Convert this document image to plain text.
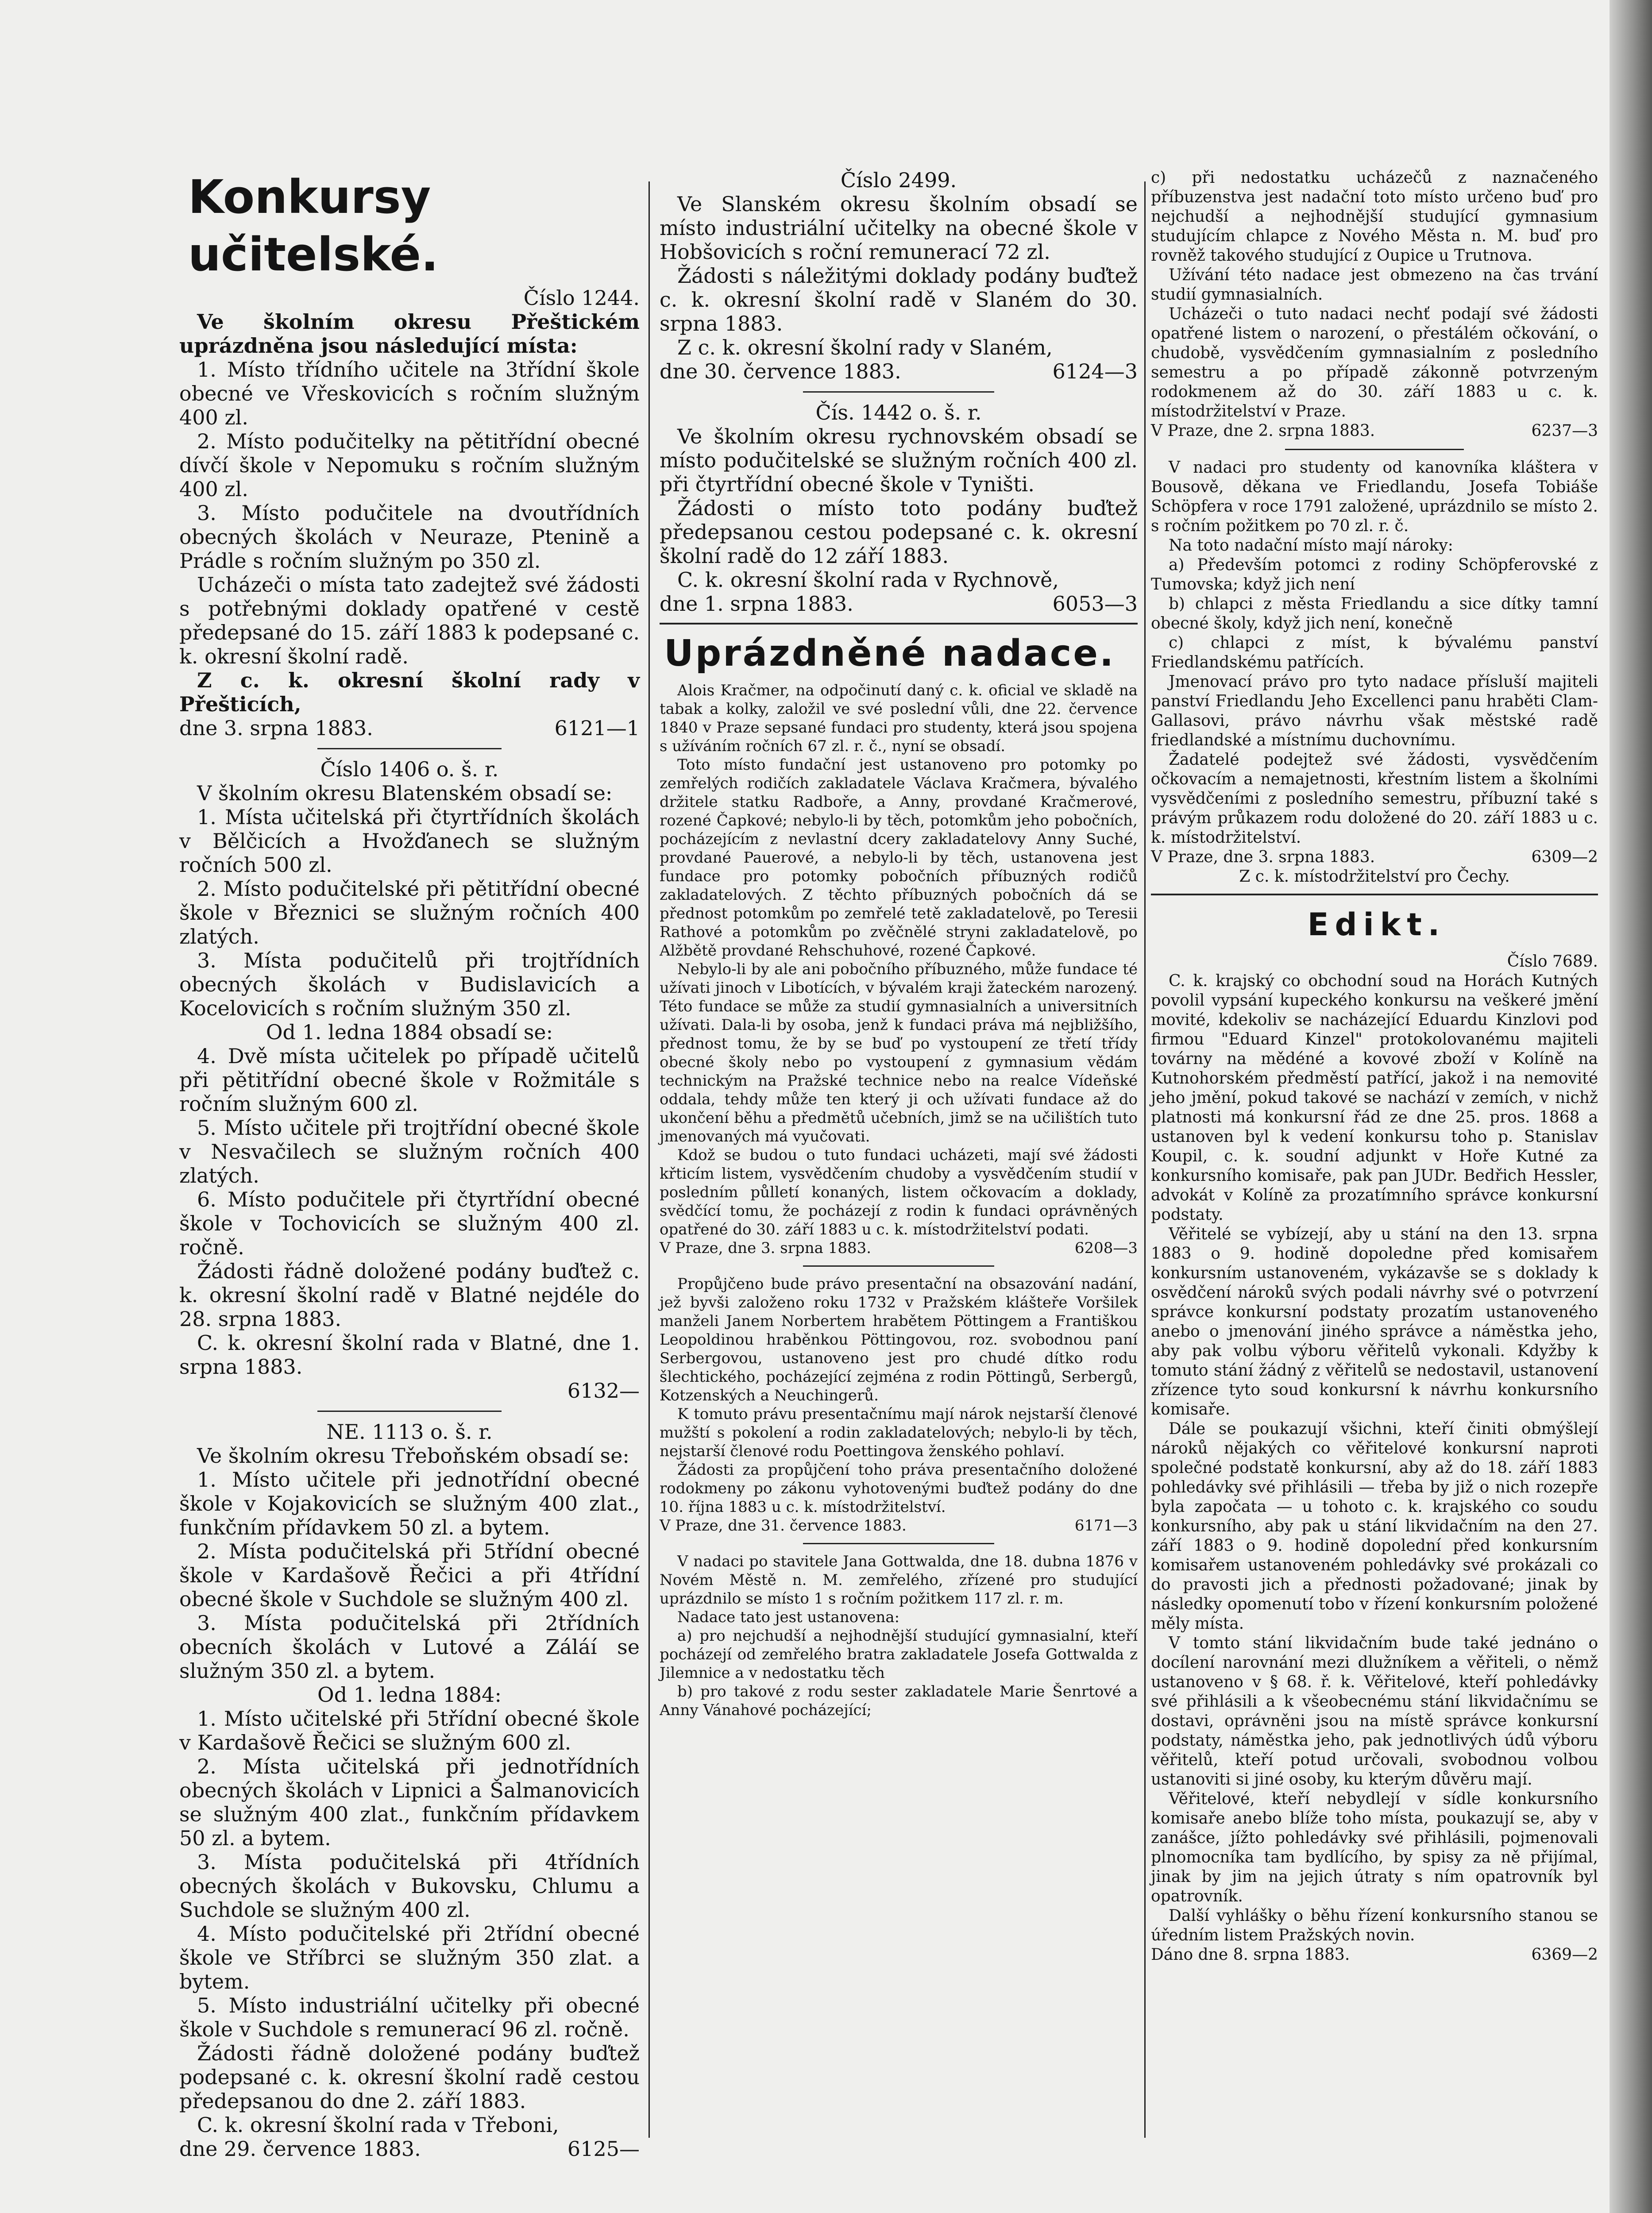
Konkursy učitelské.

Číslo 1244.

Ve školním okresu Přeštickém uprázdněna jsou následující místa:

1. Místo třídního učitele na 3třídní škole obecné ve Vřeskovicích s ročním služným 400 zl.

2. Místo podučitelky na pětitřídní obecné dívčí škole v Nepomuku s ročním služným 400 zl.

3. Místo podučitele na dvoutřídních obecných školách v Neuraze, Ptenině a Prádle s ročním služným po 350 zl.

Ucházeči o místa tato zadejtež své žádosti s potřebnými doklady opatřené v cestě předepsané do 15. září 1883 k podepsané c. k. okresní školní radě.

Z c. k. okresní školní rady v Přešticích,

dne 3. srpna 1883.	6121—1

Číslo 1406 o. š. r.

V školním okresu Blatenském obsadí se:

1. Místa učitelská při čtyrtřídních školách v Bělčicích a Hvožďanech se služným ročních 500 zl.

2. Místo podučitelské při pětitřídní obecné škole v Březnici se služným ročních 400 zlatých.

3. Místa podučitelů při trojtřídních obecných školách v Budislavicích a Kocelovicích s ročním služným 350 zl.

Od 1. ledna 1884 obsadí se:

4. Dvě místa učitelek po případě učitelů při pětitřídní obecné škole v Rožmitále s ročním služným 600 zl.

5. Místo učitele při trojtřídní obecné škole v Nesvačilech se služným ročních 400 zlatých.

6. Místo podučitele při čtyrtřídní obecné škole v Tochovicích se služným 400 zl. ročně.

Žádosti řádně doložené podány buďtež c. k. okresní školní radě v Blatné nejdéle do 28. srpna 1883.

C. k. okresní školní rada v Blatné, dne 1. srpna 1883.

6132—

NE. 1113 o. š. r.

Ve školním okresu Třeboňském obsadí se:

1. Místo učitele při jednotřídní obecné škole v Kojakovicích se služným 400 zlat., funkčním přídavkem 50 zl. a bytem.

2. Místa podučitelská při 5třídní obecné škole v Kardašově Řečici a při 4třídní obecné škole v Suchdole se služným 400 zl.

3. Místa podučitelská při 2třídních obecních školách v Lutové a Záláí se služným 350 zl. a bytem.

Od 1. ledna 1884:

1. Místo učitelské při 5třídní obecné škole v Kardašově Řečici se služným 600 zl.

2. Místa učitelská při jednotřídních obecných školách v Lipnici a Šalmanovicích se služným 400 zlat., funkčním přídavkem 50 zl. a bytem.

3. Místa podučitelská při 4třídních obecných školách v Bukovsku, Chlumu a Suchdole se služným 400 zl.

4. Místo podučitelské při 2třídní obecné škole ve Stříbrci se služným 350 zlat. a bytem.

5. Místo industriální učitelky při obecné škole v Suchdole s remunerací 96 zl. ročně.

Žádosti řádně doložené podány buďtež podepsané c. k. okresní školní radě cestou předepsanou do dne 2. září 1883.

C. k. okresní školní rada v Třeboni,

dne 29. července 1883.	6125—

Číslo 2499.

Ve Slanském okresu školním obsadí se místo industriální učitelky na obecné škole v Hobšovicích s roční remunerací 72 zl.

Žádosti s náležitými doklady podány buďtež c. k. okresní školní radě v Slaném do 30. srpna 1883.

Z c. k. okresní školní rady v Slaném,

dne 30. července 1883.	6124—3

Čís. 1442 o. š. r.

Ve školním okresu rychnovském obsadí se místo podučitelské se služným ročních 400 zl. při čtyrtřídní obecné škole v Tyništi.

Žádosti o místo toto podány buďtež předepsanou cestou podepsané c. k. okresní školní radě do 12 září 1883.

C. k. okresní školní rada v Rychnově,

dne 1. srpna 1883.	6053—3
Uprázdněné nadace.

Alois Kračmer, na odpočinutí daný c. k. oficial ve skladě na tabak a kolky, založil ve své poslední vůli, dne 22. července 1840 v Praze sepsané fundaci pro studenty, která jsou spojena s užíváním ročních 67 zl. r. č., nyní se obsadí.

Toto místo fundační jest ustanoveno pro potomky po zemřelých rodičích zakladatele Václava Kračmera, bývalého držitele statku Radboře, a Anny, provdané Kračmerové, rozené Čapkové; nebylo-li by těch, potomkům jeho pobočních, pocházejícím z nevlastní dcery zakladatelovy Anny Suché, provdané Pauerové, a nebylo-li by těch, ustanovena jest fundace pro potomky pobočních příbuzných rodičů zakladatelových. Z těchto příbuzných pobočních dá se přednost potomkům po zemřelé tetě zakladatelově, po Teresii Rathové a potomkům po zvěčnělé stryni zakladatelově, po Alžbětě provdané Rehschuhové, rozené Čapkové.

Nebylo-li by ale ani pobočního příbuzného, může fundace té užívati jinoch v Libotících, v bývalém kraji žateckém narozený. Této fundace se může za studií gymnasialních a universitních užívati. Dala-li by osoba, jenž k fundaci práva má nejbližšího, přednost tomu, že by se buď po vystoupení ze třetí třídy obecné školy nebo po vystoupení z gymnasium vědám technickým na Pražské technice nebo na realce Vídeňské oddala, tehdy může ten který ji och užívati fundace až do ukončení běhu a předmětů učebních, jimž se na učilištích tuto jmenovaných má vyučovati.

Kdož se budou o tuto fundaci ucházeti, mají své žádosti křticím listem, vysvědčením chudoby a vysvědčením studií v posledním půlletí konaných, listem očkovacím a doklady, svědčící tomu, že pocházejí z rodin k fundaci oprávněných opatřené do 30. září 1883 u c. k. místodržitelství podati.

V Praze, dne 3. srpna 1883.	6208—3

Propůjčeno bude právo presentační na obsazování nadání, jež byvši založeno roku 1732 v Pražském klášteře Voršilek manželi Janem Norbertem hrabětem Pöttingem a Františkou Leopoldinou hraběnkou Pöttingovou, roz. svobodnou paní Serbergovou, ustanoveno jest pro chudé dítko rodu šlechtického, pocházející zejména z rodin Pöttingů, Serbergů, Kotzenských a Neuchingerů.

K tomuto právu presentačnímu mají nárok nejstarší členové mužští s pokolení a rodin zakladatelových; nebylo-li by těch, nejstarší členové rodu Poettingova ženského pohlaví.

Žádosti za propůjčení toho práva presentačního doložené rodokmeny po zákonu vyhotovenými buďtež podány do dne 10. října 1883 u c. k. místodržitelství.

V Praze, dne 31. července 1883.	6171—3

V nadaci po stavitele Jana Gottwalda, dne 18. dubna 1876 v Novém Městě n. M. zemřelého, zřízené pro studující uprázdnilo se místo 1 s ročním požitkem 117 zl. r. m.

Nadace tato jest ustanovena:

a) pro nejchudší a nejhodnější studující gymnasialní, kteří pocházejí od zemřelého bratra zakladatele Josefa Gottwalda z Jilemnice a v nedostatku těch

b) pro takové z rodu sester zakladatele Marie Šenrtové a Anny Vánahové pocházející;

c) při nedostatku ucházečů z naznačeného příbuzenstva jest nadační toto místo určeno buď pro nejchudší a nejhodnější studující gymnasium studujícím chlapce z Nového Města n. M. buď pro rovněž takového studující z Oupice u Trutnova.

Užívání této nadace jest obmezeno na čas trvání studií gymnasialních.

Ucházeči o tuto nadaci nechť podají své žádosti opatřené listem o narození, o přestálém očkování, o chudobě, vysvědčením gymnasialním z posledního semestru a po případě zákonně potvrzeným rodokmenem až do 30. září 1883 u c. k. místodržitelství v Praze.

V Praze, dne 2. srpna 1883.	6237—3

V nadaci pro studenty od kanovníka kláštera v Bousově, děkana ve Friedlandu, Josefa Tobiáše Schöpfera v roce 1791 založené, uprázdnilo se místo 2. s ročním požitkem po 70 zl. r. č.

Na toto nadační místo mají nároky:

a) Především potomci z rodiny Schöpferovské z Tumovska; když jich není

b) chlapci z města Friedlandu a sice dítky tamní obecné školy, když jich není, konečně

c) chlapci z míst, k bývalému panství Friedlandskému patřících.

Jmenovací právo pro tyto nadace přísluší majiteli panství Friedlandu Jeho Excellenci panu hraběti Clam-Gallasovi, právo návrhu však městské radě friedlandské a místnímu duchovnímu.

Žadatelé podejtež své žádosti, vysvědčením očkovacím a nemajetnosti, křestním listem a školními vysvědčeními z posledního semestru, příbuzní také s právým průkazem rodu doložené do 20. září 1883 u c. k. místodržitelství.

V Praze, dne 3. srpna 1883.	6309—2

Z c. k. místodržitelství pro Čechy.

Edikt.

Číslo 7689.

C. k. krajský co obchodní soud na Horách Kutných povolil vypsání kupeckého konkursu na veškeré jmění movité, kdekoliv se nacházející Eduardu Kinzlovi pod firmou "Eduard Kinzel" protokolovanému majiteli továrny na mědéné a kovové zboží v Kolíně na Kutnohorském předměstí patřící, jakož i na nemovité jeho jmění, pokud takové se nachází v zemích, v nichž platnosti má konkursní řád ze dne 25. pros. 1868 a ustanoven byl k vedení konkursu toho p. Stanislav Koupil, c. k. soudní adjunkt v Hoře Kutné za konkursního komisaře, pak pan JUDr. Bedřich Hessler, advokát v Kolíně za prozatímního správce konkursní podstaty.

Věřitelé se vybízejí, aby u stání na den 13. srpna 1883 o 9. hodině dopoledne před komisařem konkursním ustanoveném, vykázavše se s doklady k osvědčení nároků svých podali návrhy své o potvrzení správce konkursní podstaty prozatím ustanoveného anebo o jmenování jiného správce a náměstka jeho, aby pak volbu výboru věřitelů vykonali. Kdyžby k tomuto stání žádný z věřitelů se nedostavil, ustanovení zřízence tyto soud konkursní k návrhu konkursního komisaře.

Dále se poukazují všichni, kteří činiti obmýšlejí nároků nějakých co věřitelové konkursní naproti společné podstatě konkursní, aby až do 18. září 1883 pohledávky své přihlásili — třeba by již o nich rozepře byla započata — u tohoto c. k. krajského co soudu konkursního, aby pak u stání likvidačním na den 27. září 1883 o 9. hodině dopolední před konkursním komisařem ustanoveném pohledávky své prokázali co do pravosti jich a přednosti požadované; jinak by následky opomenutí tobo v řízení konkursním položené měly místa.

V tomto stání likvidačním bude také jednáno o docílení narovnání mezi dlužníkem a věřiteli, o němž ustanoveno v § 68. ř. k. Věřitelové, kteří pohledávky své přihlásili a k všeobecnému stání likvidačnímu se dostavi, oprávněni jsou na místě správce konkursní podstaty, náměstka jeho, pak jednotlivých údů výboru věřitelů, kteří potud určovali, svobodnou volbou ustanoviti si jiné osoby, ku kterým důvěru mají.

Věřitelové, kteří nebydlejí v sídle konkursního komisaře anebo blíže toho místa, poukazují se, aby v zanášce, jížto pohledávky své přihlásili, pojmenovali plnomocníka tam bydlícího, by spisy za ně přijímal, jinak by jim na jejich útraty s ním opatrovník byl opatrovník.

Další vyhlášky o běhu řízení konkursního stanou se úředním listem Pražských novin.

Dáno dne 8. srpna 1883.	6369—2
